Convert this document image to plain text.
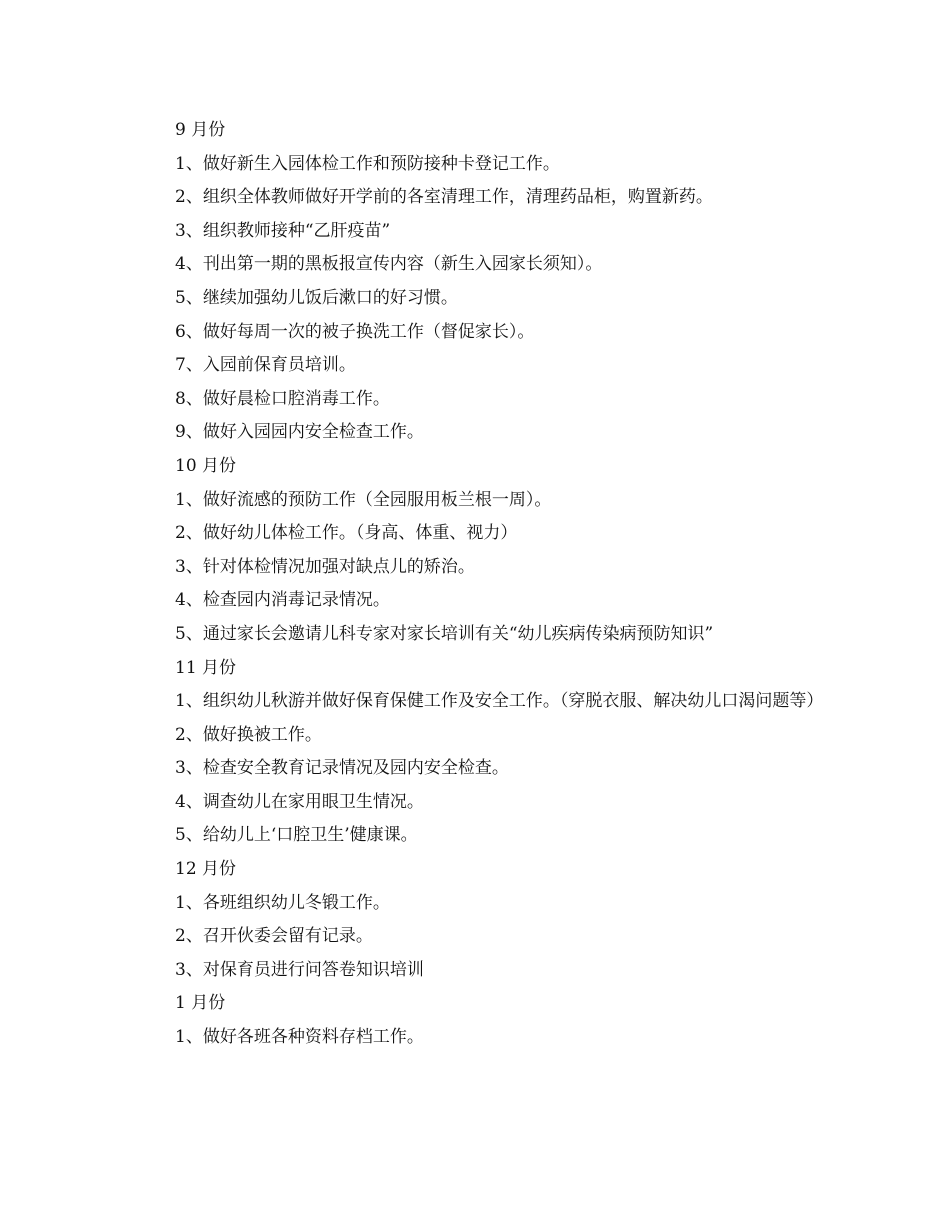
9 月份

1、做好新生入园体检工作和预防接种卡登记工作。

2、组织全体教师做好开学前的各室清理工作，清理药品柜，购置新药。

3、组织教师接种“乙肝疫苗”

4、刊出第一期的黑板报宣传内容（新生入园家长须知）。

5、继续加强幼儿饭后漱口的好习惯。

6、做好每周一次的被子换洗工作（督促家长）。

7、入园前保育员培训。

8、做好晨检口腔消毒工作。

9、做好入园园内安全检查工作。

10 月份

1、做好流感的预防工作（全园服用板兰根一周）。

2、做好幼儿体检工作。（身高、体重、视力）

3、针对体检情况加强对缺点儿的矫治。

4、检查园内消毒记录情况。

5、通过家长会邀请儿科专家对家长培训有关“幼儿疾病传染病预防知识”

11 月份

1、组织幼儿秋游并做好保育保健工作及安全工作。（穿脱衣服、解决幼儿口渴问题等）

2、做好换被工作。

3、检查安全教育记录情况及园内安全检查。

4、调查幼儿在家用眼卫生情况。

5、给幼儿上‘口腔卫生’健康课。

12 月份

1、各班组织幼儿冬锻工作。

2、召开伙委会留有记录。

3、对保育员进行问答卷知识培训

1 月份

1、做好各班各种资料存档工作。
